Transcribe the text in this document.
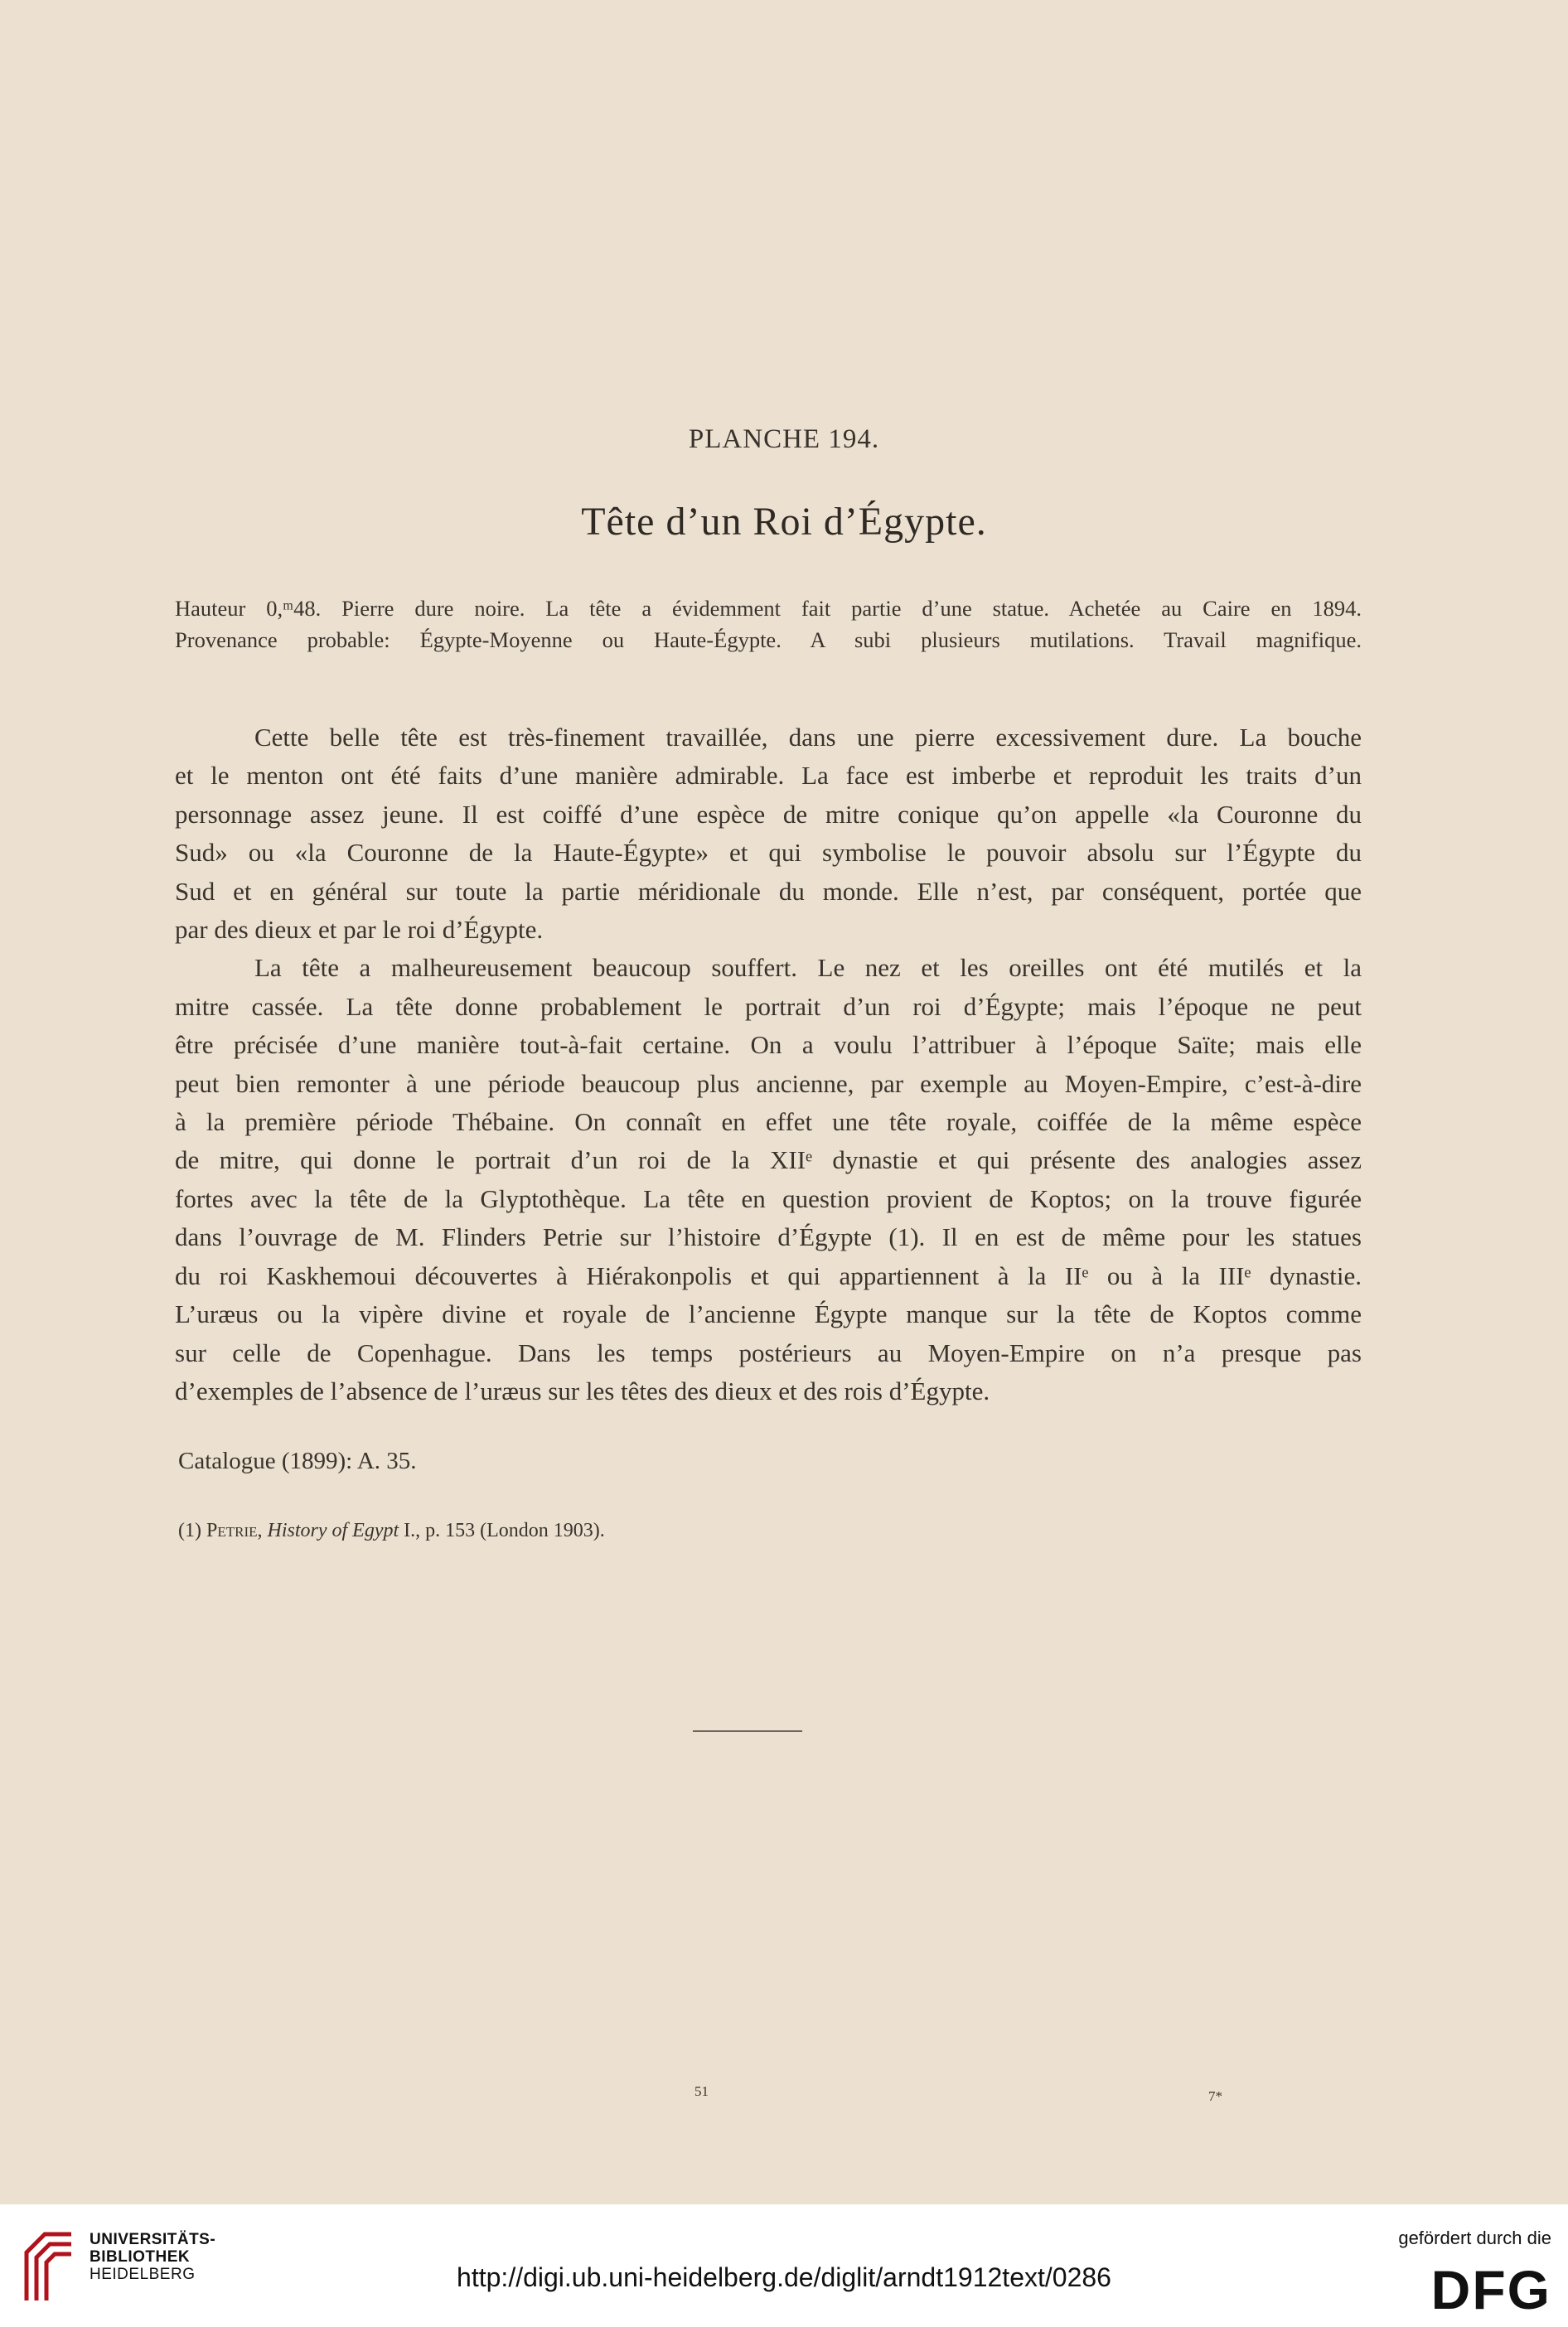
PLANCHE 194.
Tête d’un Roi d’Égypte.
Hauteur 0,ᵐ48. Pierre dure noire. La tête a évidemment fait partie d’une statue. Achetée au Caire en 1894.
Provenance probable: Égypte-Moyenne ou Haute-Égypte. A subi plusieurs mutilations. Travail magnifique.

Cette belle tête est très-finement travaillée, dans une pierre excessivement dure. La bouche
et le menton ont été faits d’une manière admirable. La face est imberbe et reproduit les traits d’un
personnage assez jeune. Il est coiffé d’une espèce de mitre conique qu’on appelle «la Couronne du
Sud» ou «la Couronne de la Haute-Égypte» et qui symbolise le pouvoir absolu sur l’Égypte du
Sud et en général sur toute la partie méridionale du monde. Elle n’est, par conséquent, portée que
par des dieux et par le roi d’Égypte.

La tête a malheureusement beaucoup souffert. Le nez et les oreilles ont été mutilés et la
mitre cassée. La tête donne probablement le portrait d’un roi d’Égypte; mais l’époque ne peut
être précisée d’une manière tout-à-fait certaine. On a voulu l’attribuer à l’époque Saïte; mais elle
peut bien remonter à une période beaucoup plus ancienne, par exemple au Moyen-Empire, c’est-à-dire
à la première période Thébaine. On connaît en effet une tête royale, coiffée de la même espèce
de mitre, qui donne le portrait d’un roi de la XIIᵉ dynastie et qui présente des analogies assez
fortes avec la tête de la Glyptothèque. La tête en question provient de Koptos; on la trouve figurée
dans l’ouvrage de M. Flinders Petrie sur l’histoire d’Égypte (1). Il en est de même pour les statues
du roi Kaskhemoui découvertes à Hiérakonpolis et qui appartiennent à la IIᵉ ou à la IIIᵉ dynastie.
L’uræus ou la vipère divine et royale de l’ancienne Égypte manque sur la tête de Koptos comme
sur celle de Copenhague. Dans les temps postérieurs au Moyen-Empire on n’a presque pas
d’exemples de l’absence de l’uræus sur les têtes des dieux et des rois d’Égypte.

Catalogue (1899): A. 35.
(1) Petrie, History of Egypt I., p. 153 (London 1903).
51	7*
UNIVERSITÄTS-
BIBLIOTHEK
HEIDELBERG	http://digi.ub.uni-heidelberg.de/diglit/arndt1912text/0286
gefördert durch die
DFG
